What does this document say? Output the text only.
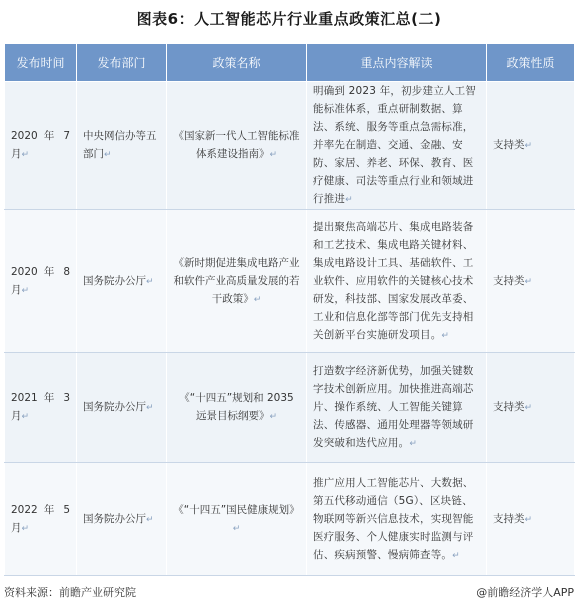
图表6：人工智能芯片行业重点政策汇总(二)
发布时间	发布部门	政策名称	重点内容解读	政策性质

2020 年 7 月↵	中央网信办等五部门↵	《国家新一代人工智能标准体系建设指南》↵	明确到 2023 年，初步建立人工智能标准体系，重点研制数据、算法、系统、服务等重点急需标准，并率先在制造、交通、金融、安防、家居、养老、环保、教育、医疗健康、司法等重点行业和领域进行推进↵	支持类↵

2020 年 8 月↵	国务院办公厅↵	《新时期促进集成电路产业和软件产业高质量发展的若干政策》↵	提出聚焦高端芯片、集成电路装备和工艺技术、集成电路关键材料、集成电路设计工具、基础软件、工业软件、应用软件的关键核心技术研发，科技部、国家发展改革委、工业和信息化部等部门优先支持相关创新平台实施研发项目。↵	支持类↵

2021 年 3 月↵	国务院办公厅↵	《“十四五”规划和 2035 远景目标纲要》↵	打造数字经济新优势，加强关键数字技术创新应用。加快推进高端芯片、操作系统、人工智能关键算法、传感器、通用处理器等领域研发突破和迭代应用。↵	支持类↵

2022 年 5 月↵	国务院办公厅↵	《“十四五”国民健康规划》↵	推广应用人工智能芯片、大数据、第五代移动通信（5G）、区块链、物联网等新兴信息技术，实现智能医疗服务、个人健康实时监测与评估、疾病预警、慢病筛查等。↵	支持类↵
资料来源：前瞻产业研究院	@前瞻经济学人APP
